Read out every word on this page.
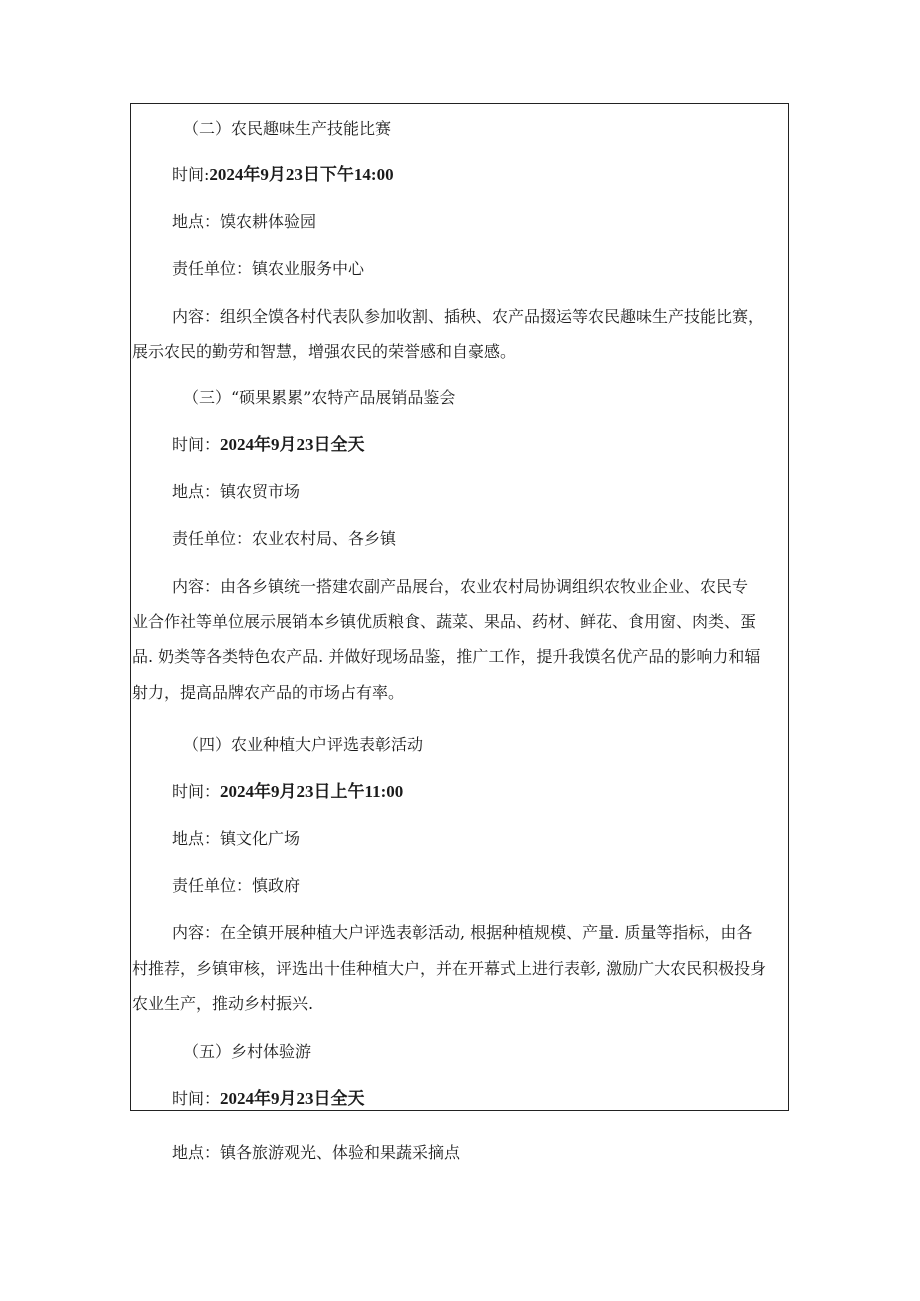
（二）农民趣味生产技能比赛
时间:2024年9月23日下午14:00
地点：馍农耕体验园
责任单位：镇农业服务中心
内容：组织全馍各村代表队参加收割、插秧、农产品掇运等农民趣味生产技能比赛，
展示农民的勤劳和智慧，增强农民的荣誉感和自豪感。
（三）“硕果累累”农特产品展销品鉴会
时间：2024年9月23日全天
地点：镇农贸市场
责任单位：农业农村局、各乡镇
内容：由各乡镇统一搭建农副产品展台，农业农村局协调组织农牧业企业、农民专
业合作社等单位展示展销本乡镇优质粮食、蔬菜、果品、药材、鲜花、食用窗、肉类、蛋
品. 奶类等各类特色农产品. 并做好现场品鉴，推广工作，提升我馍名优产品的影响力和辐
射力，提高品牌农产品的市场占有率。
（四）农业种植大户评选表彰活动
时间：2024年9月23日上午11:00
地点：镇文化广场
责任单位：慎政府
内容：在全镇开展种植大户评选表彰活动, 根据种植规模、产量. 质量等指标，由各
村推荐，乡镇审核，评选出十佳种植大户，并在开幕式上进行表彰, 激励广大农民积极投身
农业生产，推动乡村振兴.
（五）乡村体验游
时间：2024年9月23日全天
地点：镇各旅游观光、体验和果蔬采摘点
